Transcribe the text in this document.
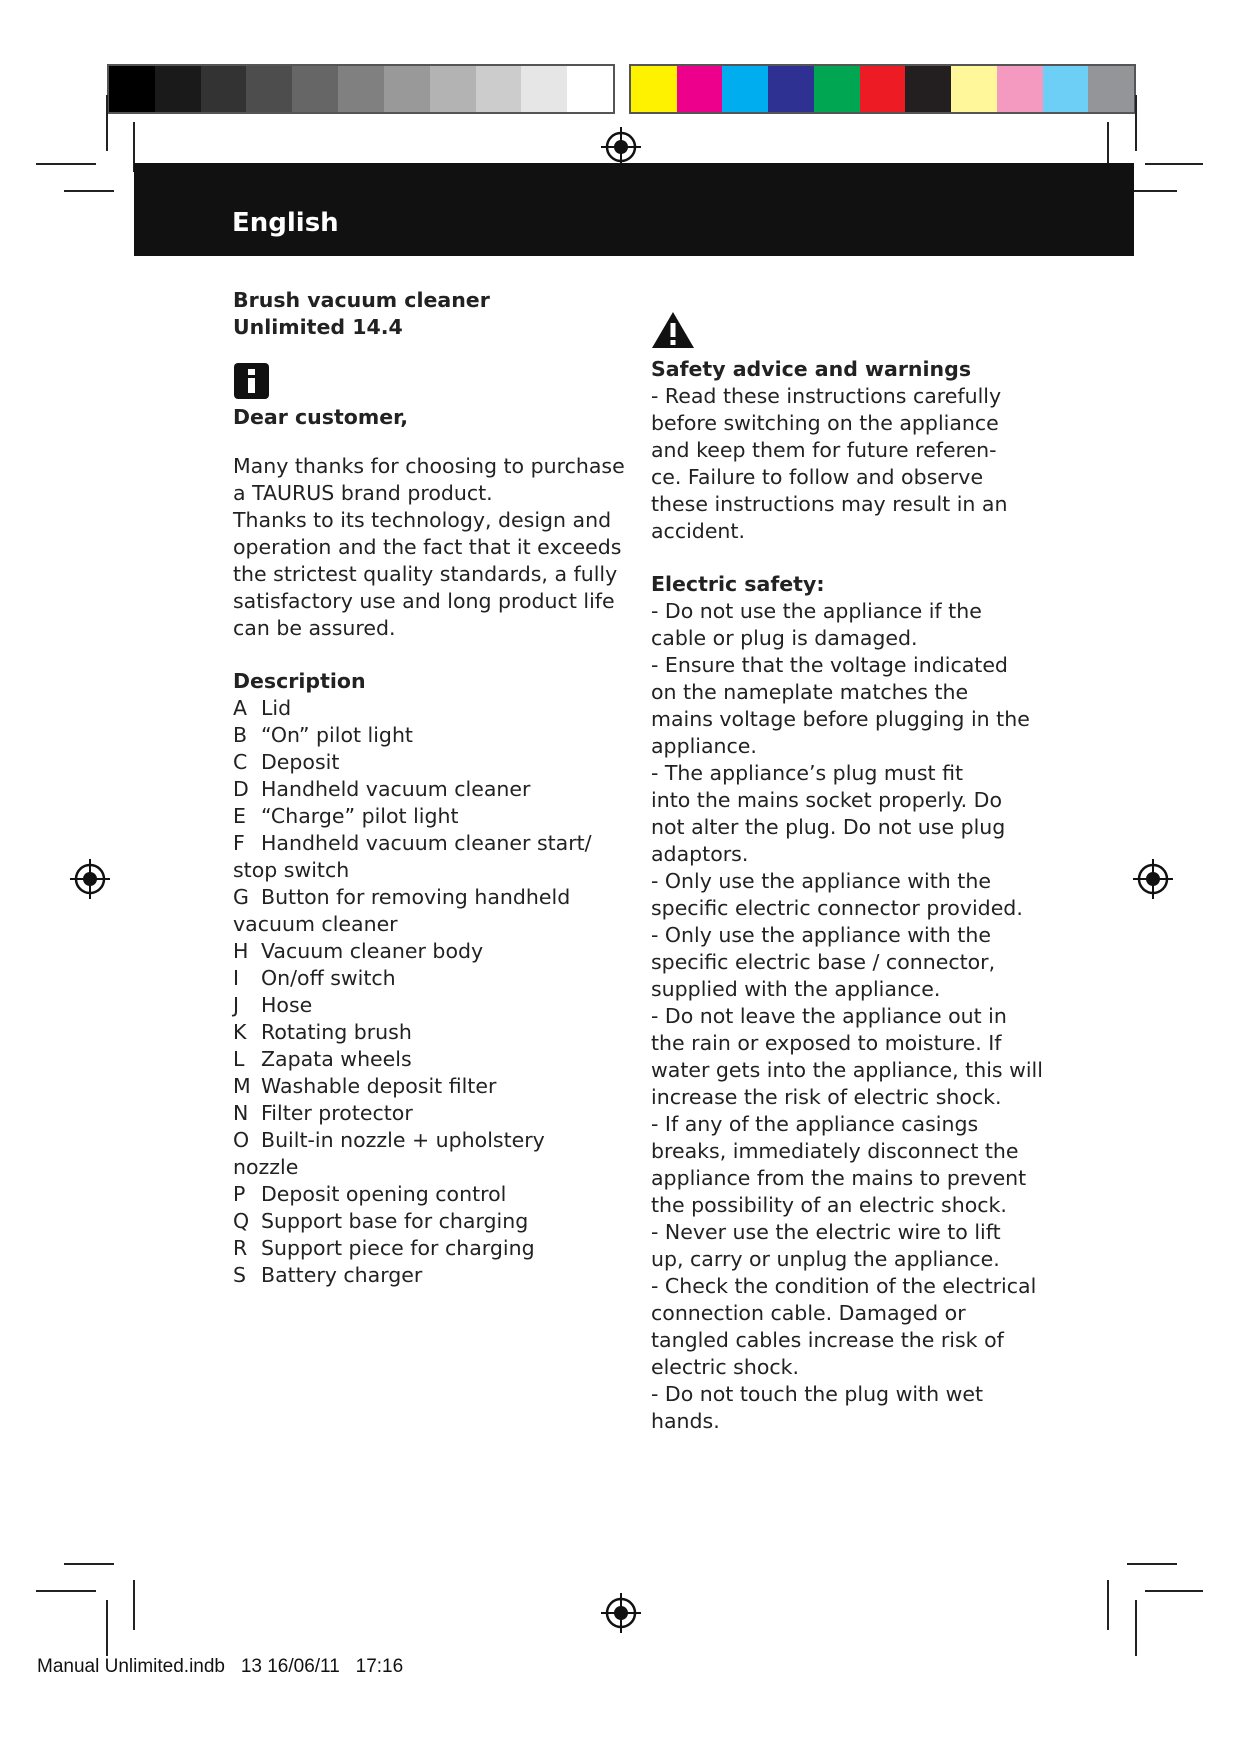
English

Brush vacuum cleaner

Unlimited 14.4

Dear customer,

Many thanks for choosing to purchase

a TAURUS brand product.

Thanks to its technology, design and

operation and the fact that it exceeds

the strictest quality standards, a fully

satisfactory use and long product life

can be assured.

Description

A Lid
B “On” pilot light
C Deposit
D Handheld vacuum cleaner
E “Charge” pilot light
F Handheld vacuum cleaner start/
stop switch
G Button for removing handheld
vacuum cleaner
H Vacuum cleaner body
I	On/off switch
J	Hose
K Rotating brush
L Zapata wheels
M Washable deposit filter
N Filter protector
O Built-in nozzle + upholstery
nozzle
P Deposit opening control
Q Support base for charging
R Support piece for charging
S Battery charger

Safety advice and warnings

- Read these instructions carefully

before switching on the appliance

and keep them for future referen-

ce. Failure to follow and observe

these instructions may result in an

accident.

Electric safety:

- Do not use the appliance if the

cable or plug is damaged.

- Ensure that the voltage indicated

on the nameplate matches the

mains voltage before plugging in the

appliance.

- The appliance’s plug must fit

into the mains socket properly. Do

not alter the plug. Do not use plug

adaptors.

- Only use the appliance with the

specific electric connector provided.

- Only use the appliance with the

specific electric base / connector,

supplied with the appliance.

- Do not leave the appliance out in

the rain or exposed to moisture. If

water gets into the appliance, this will

increase the risk of electric shock.

- If any of the appliance casings

breaks, immediately disconnect the

appliance from the mains to prevent

the possibility of an electric shock.

- Never use the electric wire to lift

up, carry or unplug the appliance.

- Check the condition of the electrical

connection cable. Damaged or

tangled cables increase the risk of

electric shock.

- Do not touch the plug with wet

hands.

Manual Unlimited.indb   13 16/06/11   17:16
